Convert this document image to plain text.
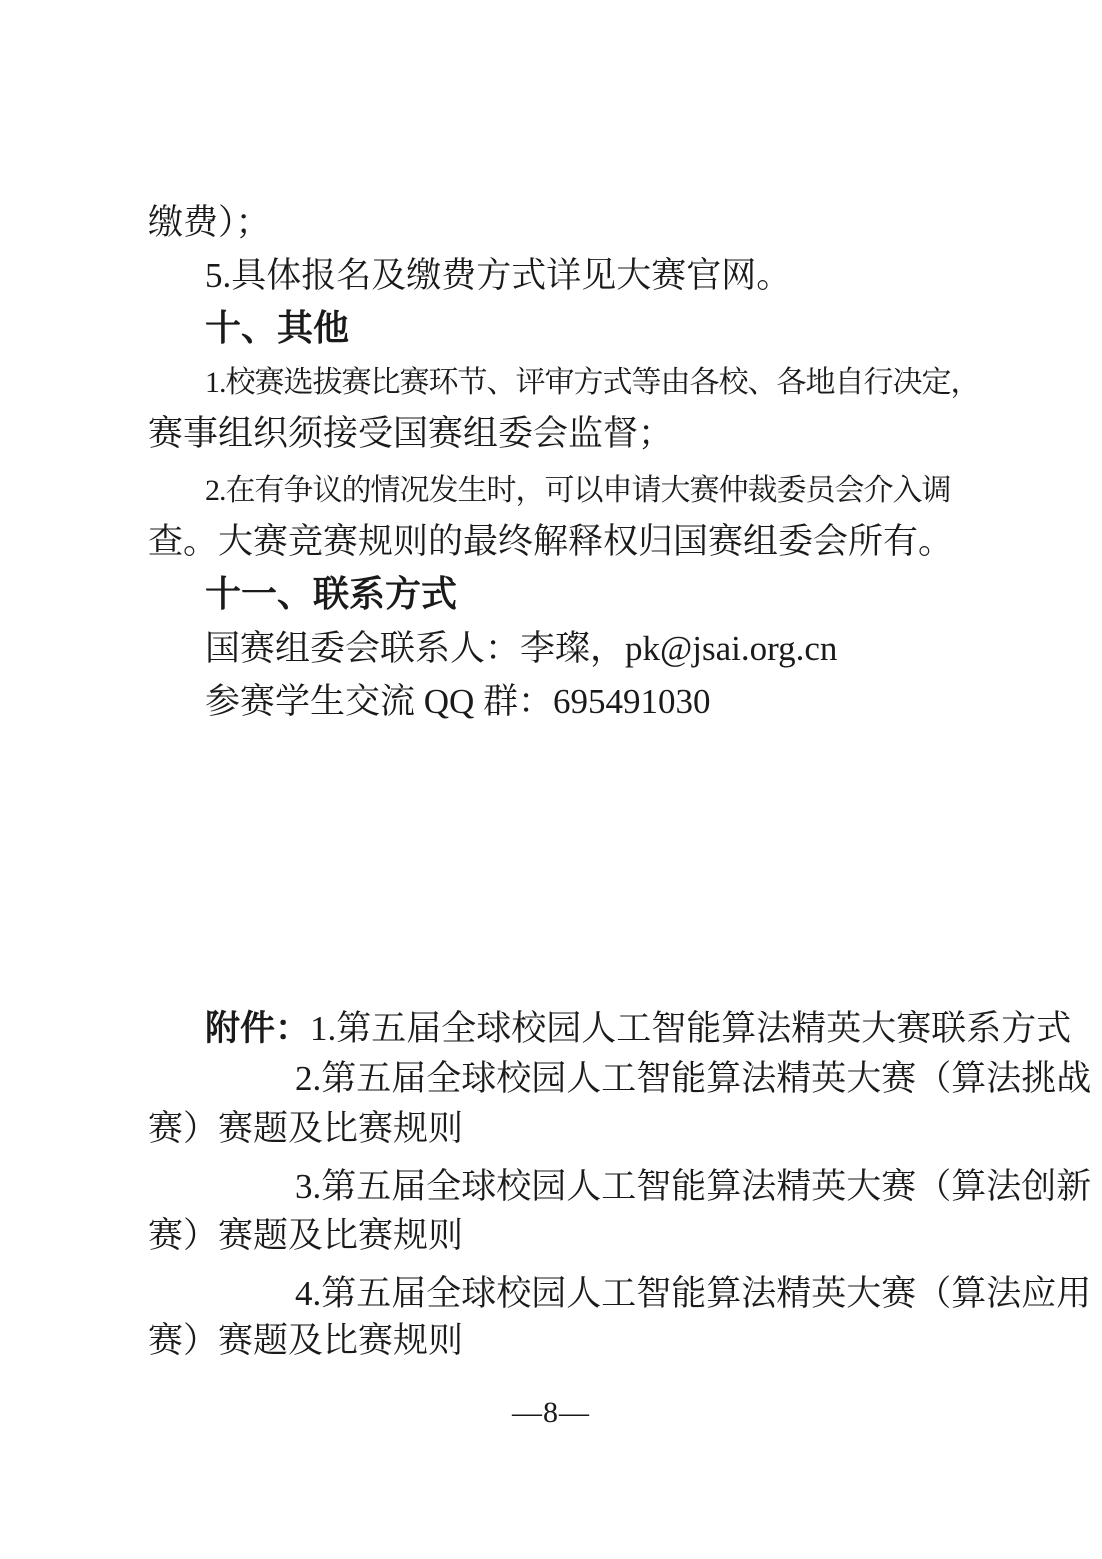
缴费）；
5.具体报名及缴费方式详见大赛官网。
十、其他
1.校赛选拔赛比赛环节、评审方式等由各校、各地自行决定，
赛事组织须接受国赛组委会监督；
2.在有争议的情况发生时，可以申请大赛仲裁委员会介入调
查。大赛竞赛规则的最终解释权归国赛组委会所有。
十一、联系方式
国赛组委会联系人：李璨，pk@jsai.org.cn
参赛学生交流 QQ 群：695491030
附件：1.第五届全球校园人工智能算法精英大赛联系方式
2.第五届全球校园人工智能算法精英大赛（算法挑战
赛）赛题及比赛规则
3.第五届全球校园人工智能算法精英大赛（算法创新
赛）赛题及比赛规则
4.第五届全球校园人工智能算法精英大赛（算法应用
赛）赛题及比赛规则
—8—
